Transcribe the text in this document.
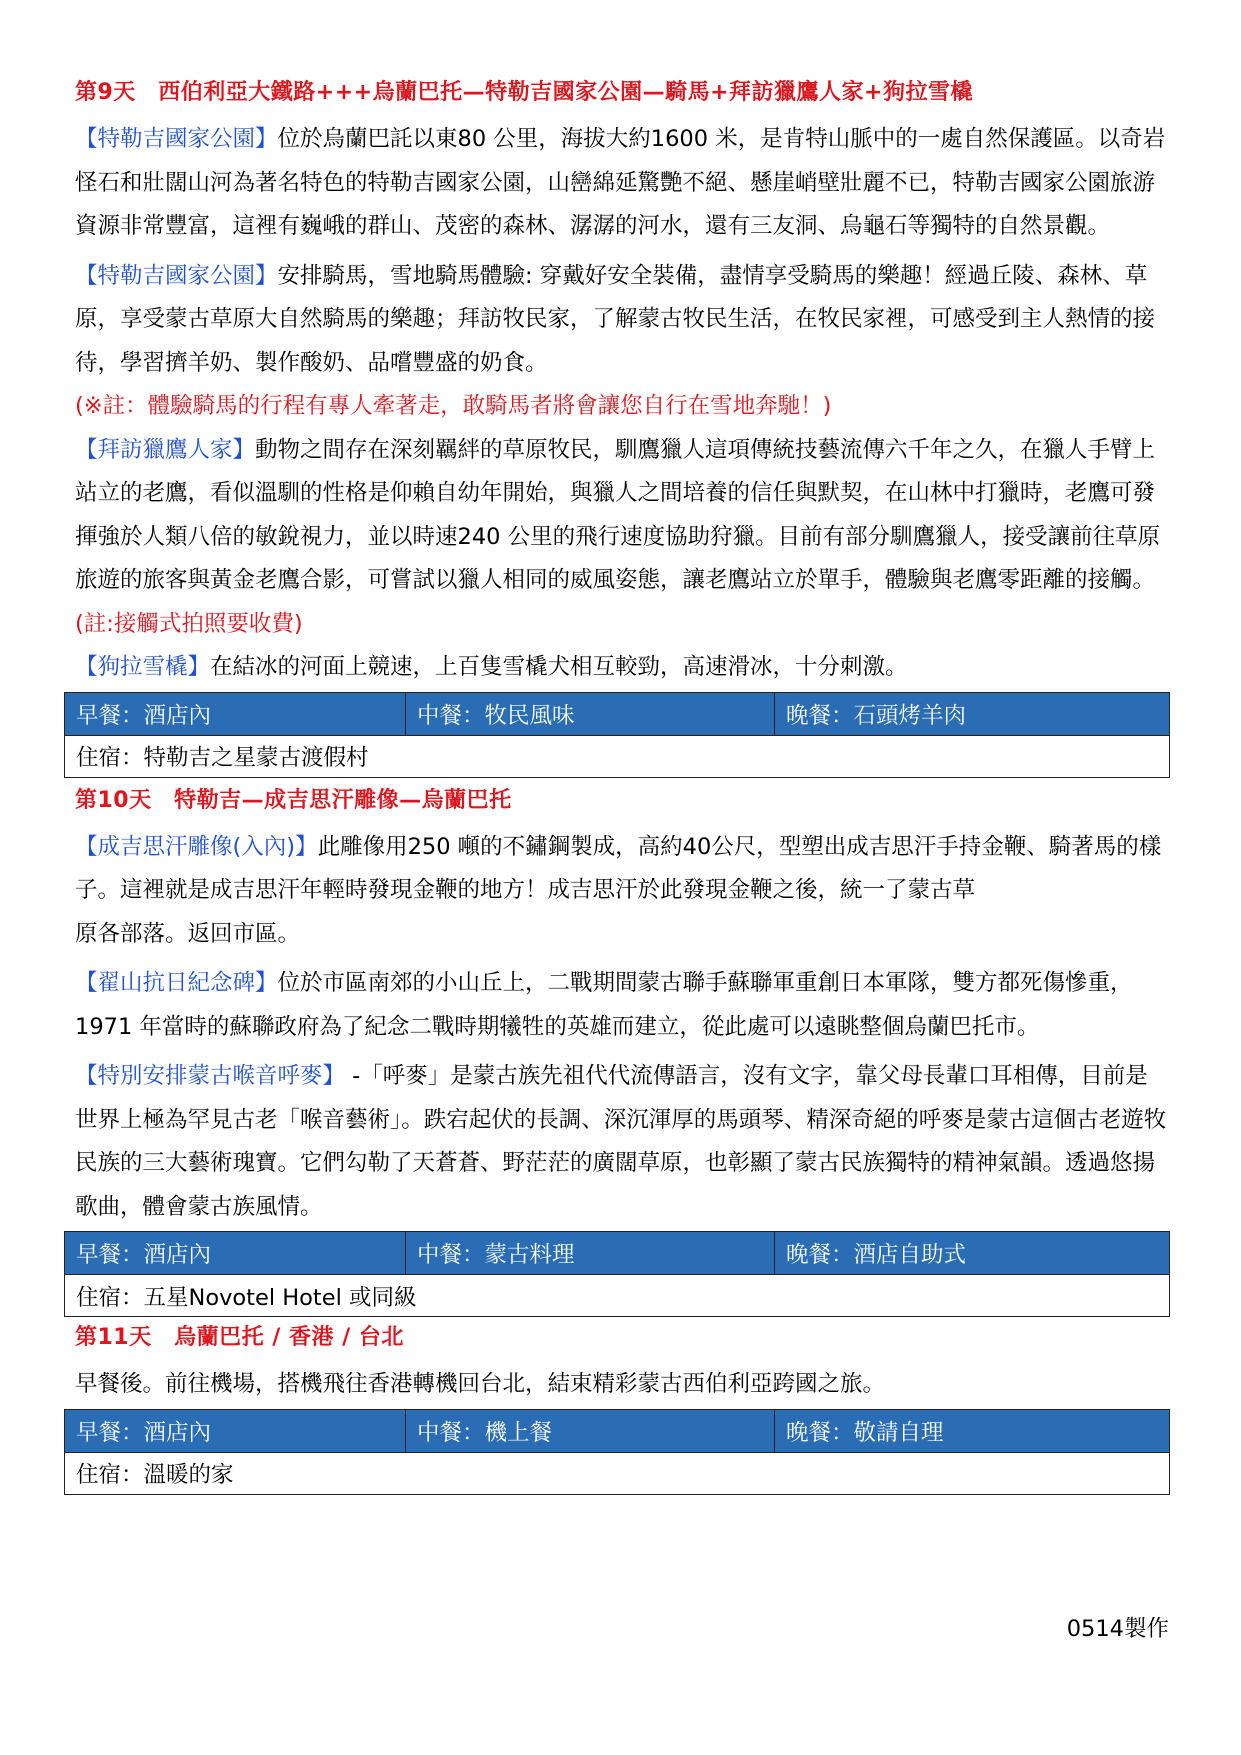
第9天　西伯利亞大鐵路+++烏蘭巴托—特勒吉國家公園—騎馬+拜訪獵鷹人家+狗拉雪橇

【特勒吉國家公園】位於烏蘭巴託以東80 公里，海拔大約1600 米，是肯特山脈中的一處自然保護區。以奇岩怪石和壯闊山河為著名特色的特勒吉國家公園，山巒綿延驚艷不絕、懸崖峭壁壯麗不已，特勒吉國家公園旅游資源非常豐富，這裡有巍峨的群山、茂密的森林、潺潺的河水，還有三友洞、烏龜石等獨特的自然景觀。

【特勒吉國家公園】安排騎馬，雪地騎馬體驗: 穿戴好安全裝備，盡情享受騎馬的樂趣！經過丘陵、森林、草原，享受蒙古草原大自然騎馬的樂趣；拜訪牧民家，了解蒙古牧民生活，在牧民家裡，可感受到主人熱情的接待，學習擠羊奶、製作酸奶、品嚐豐盛的奶食。

(※註：體驗騎馬的行程有專人牽著走，敢騎馬者將會讓您自行在雪地奔馳！)

【拜訪獵鷹人家】動物之間存在深刻羈絆的草原牧民，馴鷹獵人這項傳統技藝流傳六千年之久，在獵人手臂上站立的老鷹，看似溫馴的性格是仰賴自幼年開始，與獵人之間培養的信任與默契，在山林中打獵時，老鷹可發揮強於人類八倍的敏銳視力，並以時速240 公里的飛行速度協助狩獵。目前有部分馴鷹獵人，接受讓前往草原旅遊的旅客與黃金老鷹合影，可嘗試以獵人相同的威風姿態，讓老鷹站立於單手，體驗與老鷹零距離的接觸。(註:接觸式拍照要收費)

【狗拉雪橇】在結冰的河面上競速，上百隻雪橇犬相互較勁，高速滑冰，十分刺激。

早餐：酒店內	中餐：牧民風味	晚餐：石頭烤羊肉
住宿：特勒吉之星蒙古渡假村
第10天　特勒吉—成吉思汗雕像—烏蘭巴托

【成吉思汗雕像(入內)】此雕像用250 噸的不鏽鋼製成，高約40公尺，型塑出成吉思汗手持金鞭、騎著馬的樣子。這裡就是成吉思汗年輕時發現金鞭的地方！成吉思汗於此發現金鞭之後，統一了蒙古草

原各部落。返回市區。

【翟山抗日紀念碑】位於市區南郊的小山丘上，二戰期間蒙古聯手蘇聯軍重創日本軍隊，雙方都死傷慘重，1971 年當時的蘇聯政府為了紀念二戰時期犧牲的英雄而建立，從此處可以遠眺整個烏蘭巴托市。

【特別安排蒙古喉音呼麥】 -「呼麥」是蒙古族先祖代代流傳語言，沒有文字，靠父母長輩口耳相傳，目前是世界上極為罕見古老「喉音藝術」。跌宕起伏的長調、深沉渾厚的馬頭琴、精深奇絕的呼麥是蒙古這個古老遊牧民族的三大藝術瑰寶。它們勾勒了天蒼蒼、野茫茫的廣闊草原，也彰顯了蒙古民族獨特的精神氣韻。透過悠揚歌曲，體會蒙古族風情。

早餐：酒店內	中餐：蒙古料理	晚餐：酒店自助式
住宿：五星Novotel Hotel 或同級
第11天　烏蘭巴托 / 香港 / 台北

早餐後。前往機場，搭機飛往香港轉機回台北，結束精彩蒙古西伯利亞跨國之旅。

早餐：酒店內	中餐：機上餐	晚餐：敬請自理
住宿：溫暖的家
0514製作
